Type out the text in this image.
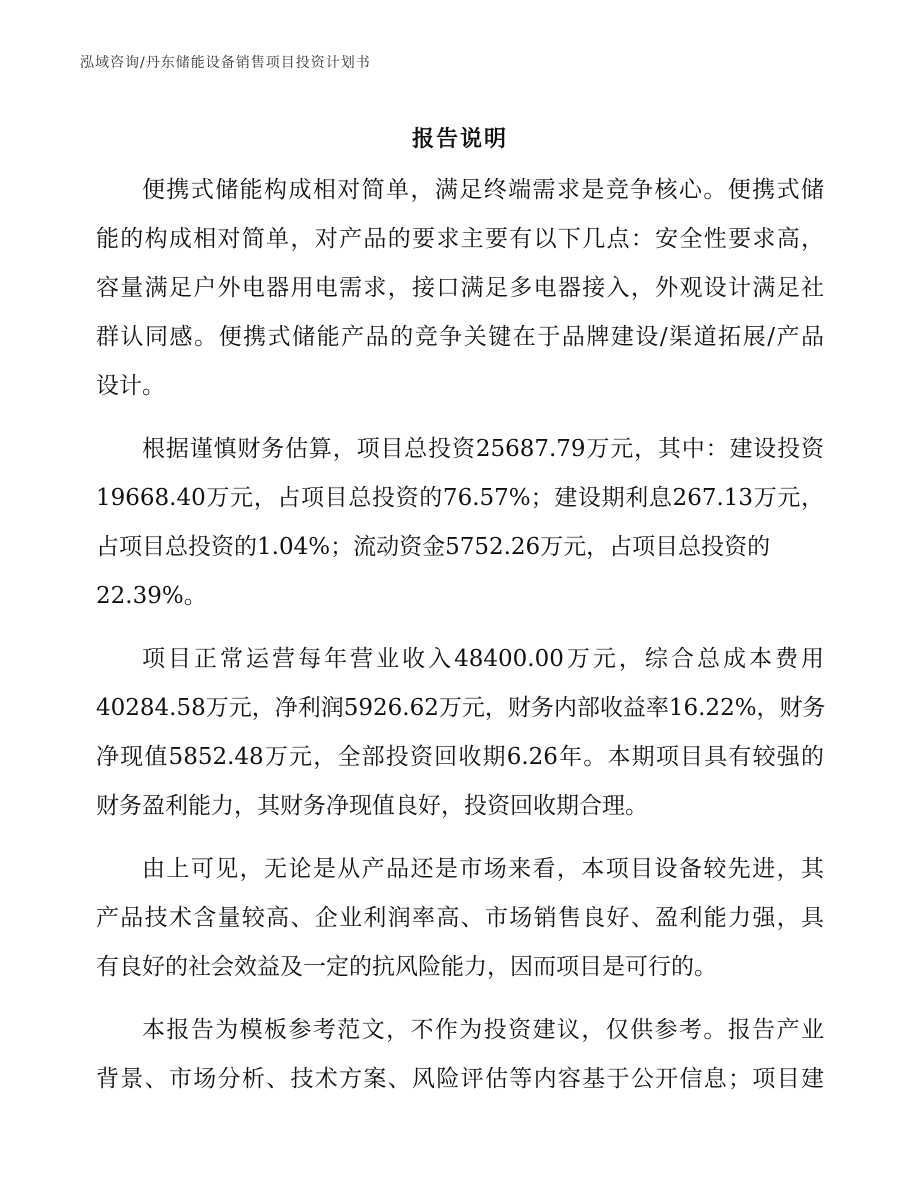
泓域咨询/丹东储能设备销售项目投资计划书
报告说明
便携式储能构成相对简单，满足终端需求是竞争核心。便携式储
能的构成相对简单，对产品的要求主要有以下几点：安全性要求高，
容量满足户外电器用电需求，接口满足多电器接入，外观设计满足社
群认同感。便携式储能产品的竞争关键在于品牌建设/渠道拓展/产品
设计。
根据谨慎财务估算，项目总投资25687.79万元，其中：建设投资
19668.40万元，占项目总投资的76.57%；建设期利息267.13万元，
占项目总投资的1.04%；流动资金5752.26万元，占项目总投资的
22.39%。
项目正常运营每年营业收入48400.00万元，综合总成本费用
40284.58万元，净利润5926.62万元，财务内部收益率16.22%，财务
净现值5852.48万元，全部投资回收期6.26年。本期项目具有较强的
财务盈利能力，其财务净现值良好，投资回收期合理。
由上可见，无论是从产品还是市场来看，本项目设备较先进，其
产品技术含量较高、企业利润率高、市场销售良好、盈利能力强，具
有良好的社会效益及一定的抗风险能力，因而项目是可行的。
本报告为模板参考范文，不作为投资建议，仅供参考。报告产业
背景、市场分析、技术方案、风险评估等内容基于公开信息；项目建
